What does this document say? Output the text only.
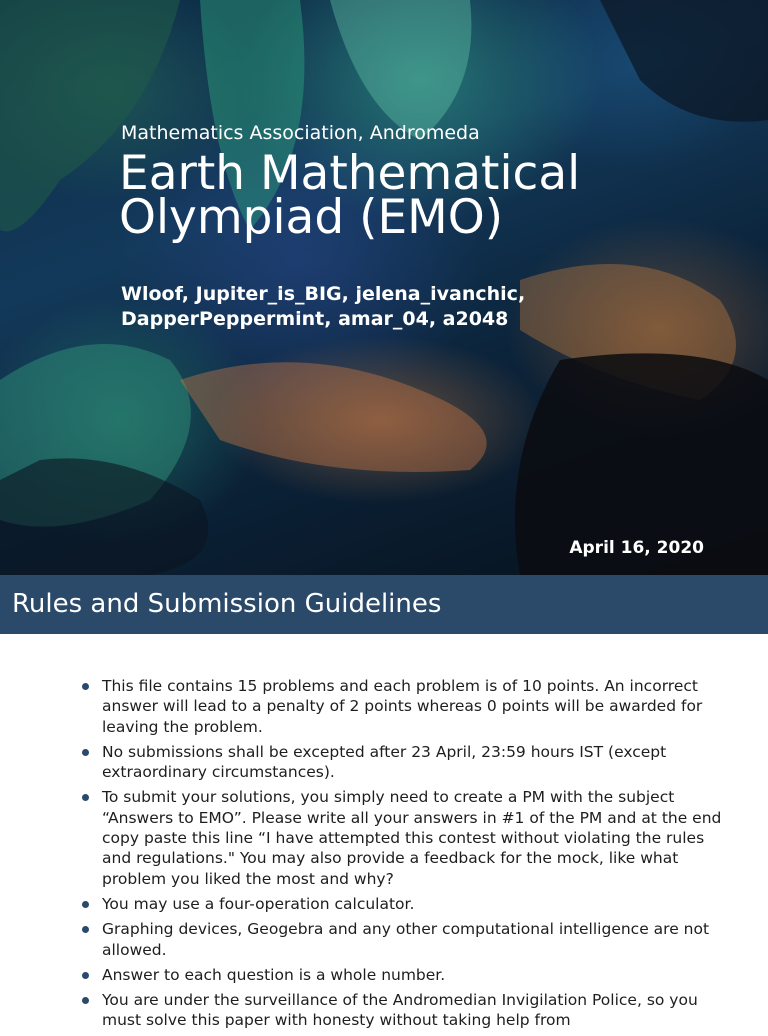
Mathematics Association, Andromeda

Earth Mathematical Olympiad (EMO)

Wloof, Jupiter_is_BIG, jelena_ivanchic, DapperPeppermint, amar_04, a2048

April 16, 2020

Rules and Submission Guidelines
This file contains 15 problems and each problem is of 10 points. An incorrect answer will lead to a penalty of 2 points whereas 0 points will be awarded for leaving the problem.
No submissions shall be excepted after 23 April, 23:59 hours IST (except extraordinary circumstances).
To submit your solutions, you simply need to create a PM with the subject “Answers to EMO”. Please write all your answers in #1 of the PM and at the end copy paste this line “I have attempted this contest without violating the rules and regulations." You may also provide a feedback for the mock, like what problem you liked the most and why?
You may use a four-operation calculator.
Graphing devices, Geogebra and any other computational intelligence are not allowed.
Answer to each question is a whole number.
You are under the surveillance of the Andromedian Invigilation Police, so you must solve this paper with honesty without taking help from
